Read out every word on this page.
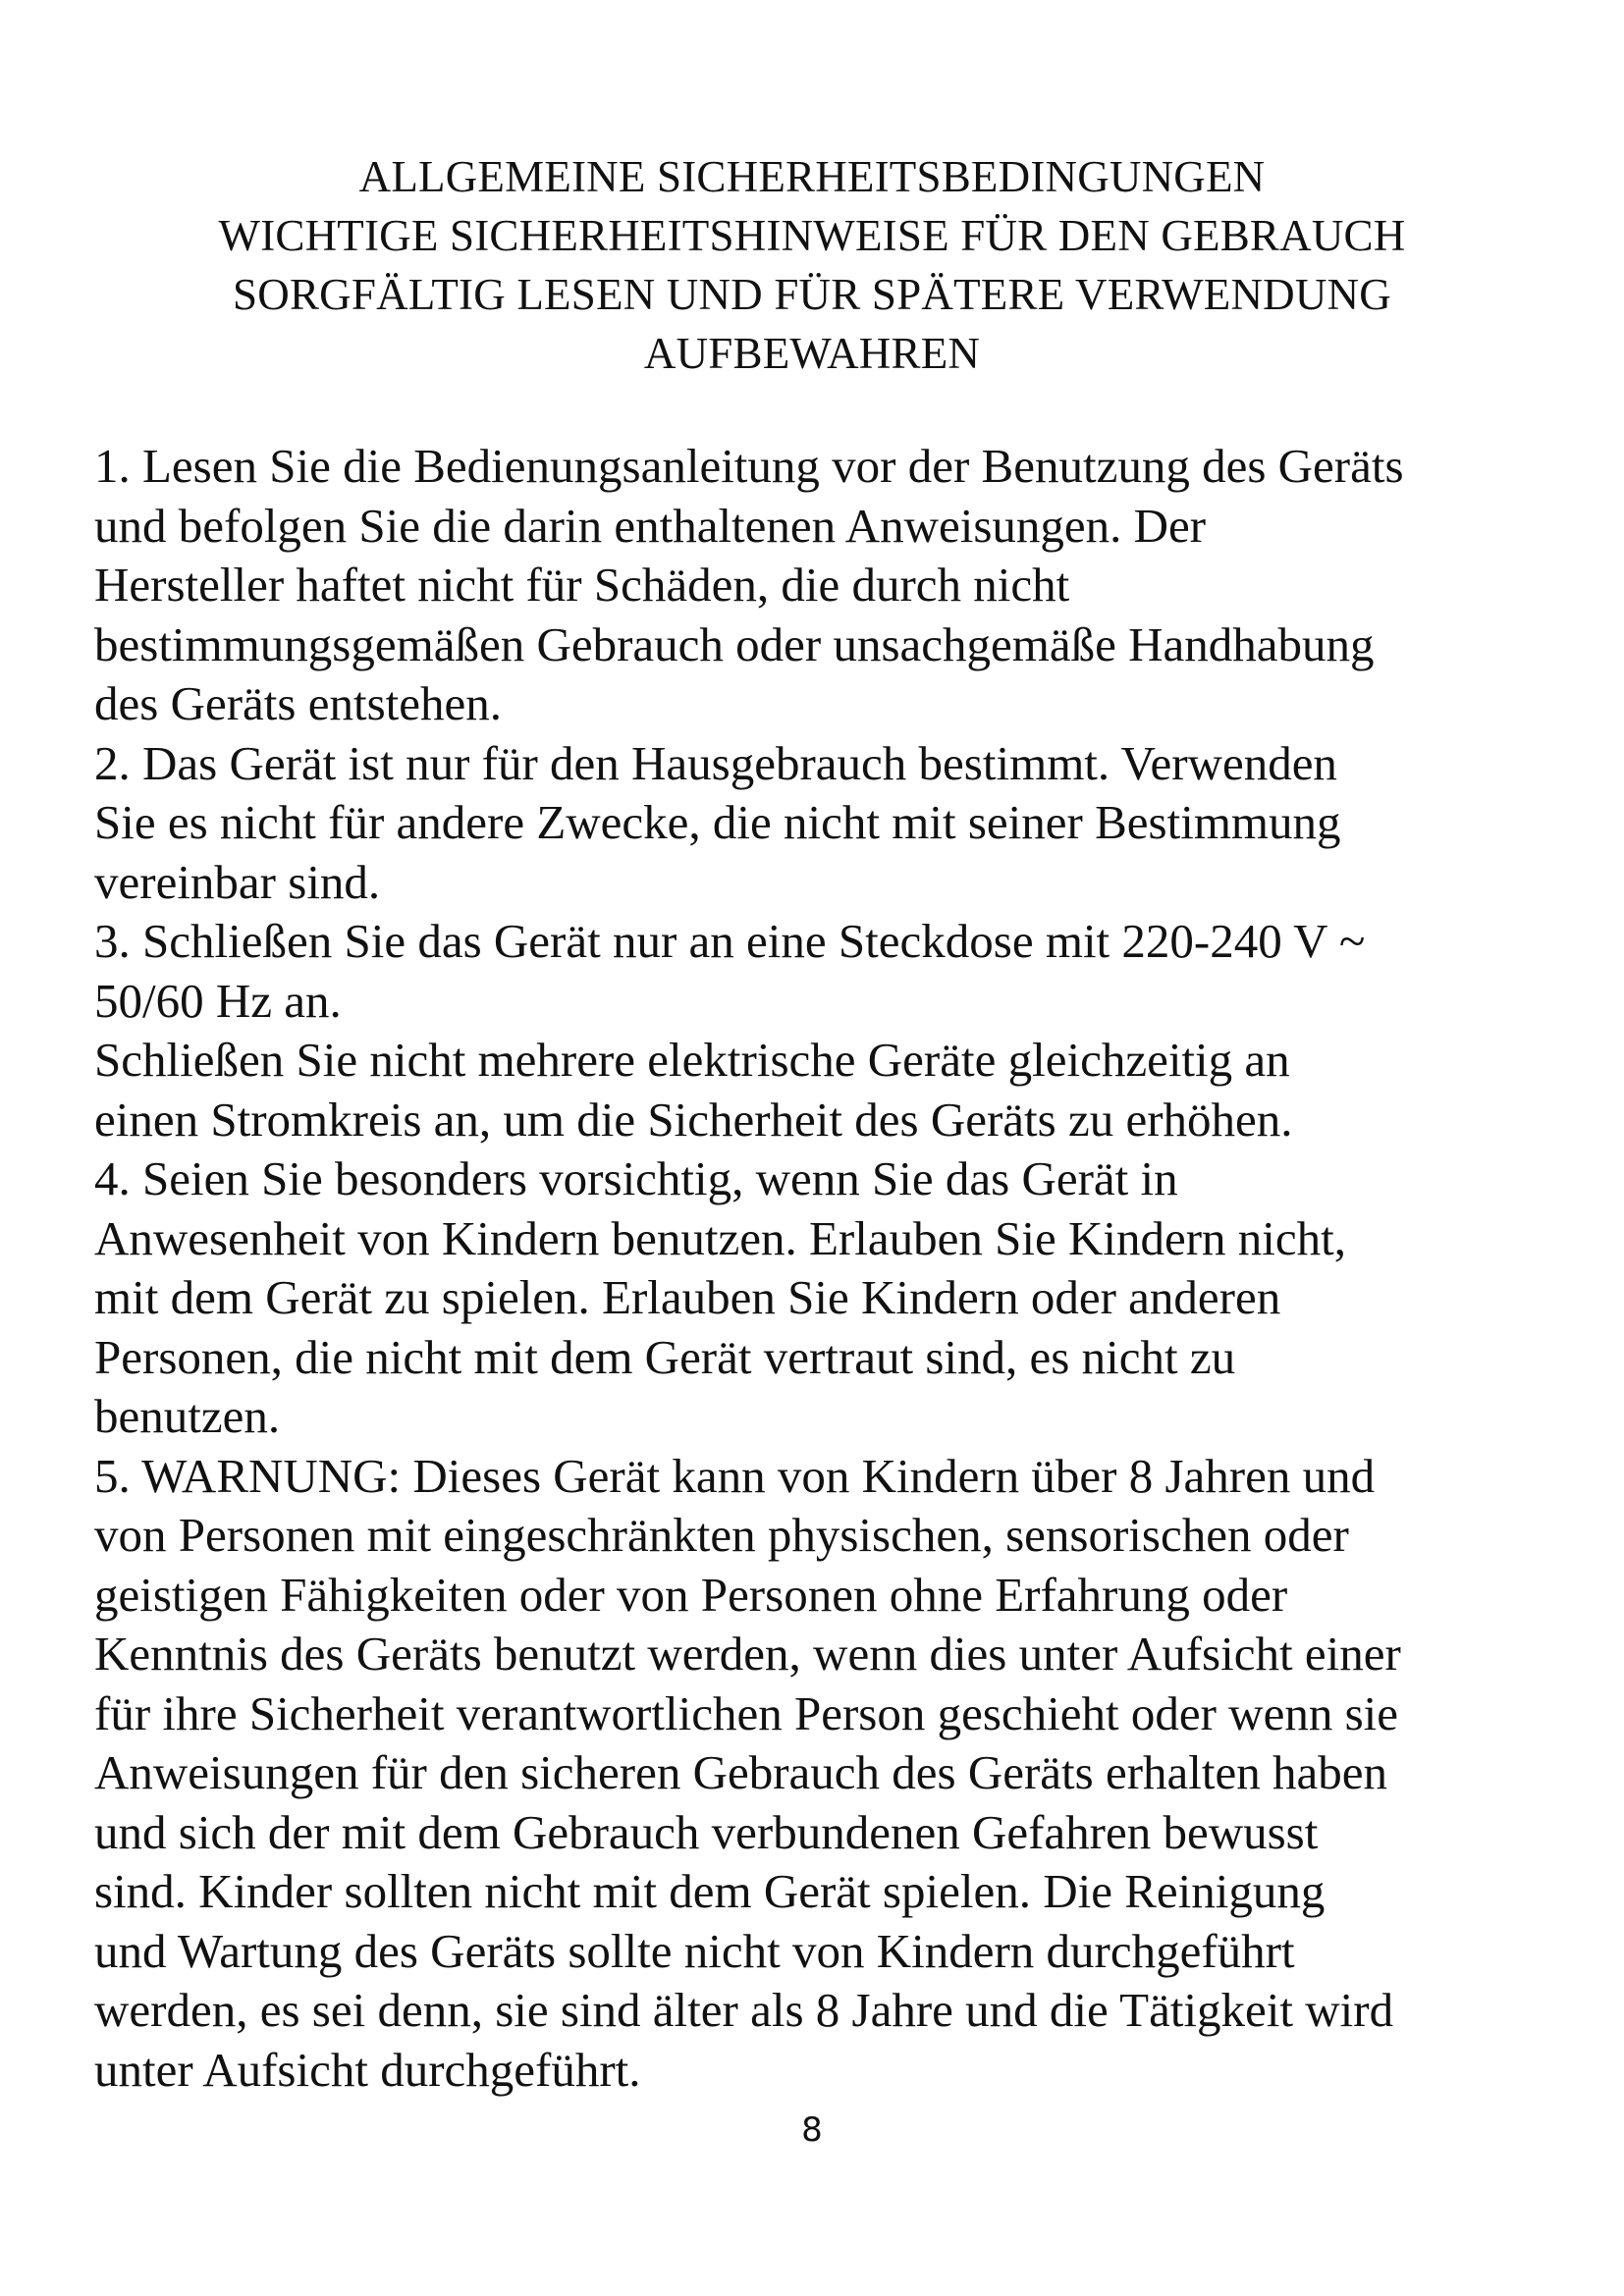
ALLGEMEINE SICHERHEITSBEDINGUNGEN
WICHTIGE SICHERHEITSHINWEISE FÜR DEN GEBRAUCH
SORGFÄLTIG LESEN UND FÜR SPÄTERE VERWENDUNG
AUFBEWAHREN
1. Lesen Sie die Bedienungsanleitung vor der Benutzung des Geräts
und befolgen Sie die darin enthaltenen Anweisungen. Der
Hersteller haftet nicht für Schäden, die durch nicht
bestimmungsgemäßen Gebrauch oder unsachgemäße Handhabung
des Geräts entstehen.
2. Das Gerät ist nur für den Hausgebrauch bestimmt. Verwenden
Sie es nicht für andere Zwecke, die nicht mit seiner Bestimmung
vereinbar sind.
3. Schließen Sie das Gerät nur an eine Steckdose mit 220-240 V ~
50/60 Hz an.
Schließen Sie nicht mehrere elektrische Geräte gleichzeitig an
einen Stromkreis an, um die Sicherheit des Geräts zu erhöhen.
4. Seien Sie besonders vorsichtig, wenn Sie das Gerät in
Anwesenheit von Kindern benutzen. Erlauben Sie Kindern nicht,
mit dem Gerät zu spielen. Erlauben Sie Kindern oder anderen
Personen, die nicht mit dem Gerät vertraut sind, es nicht zu
benutzen.
5. WARNUNG: Dieses Gerät kann von Kindern über 8 Jahren und
von Personen mit eingeschränkten physischen, sensorischen oder
geistigen Fähigkeiten oder von Personen ohne Erfahrung oder
Kenntnis des Geräts benutzt werden, wenn dies unter Aufsicht einer
für ihre Sicherheit verantwortlichen Person geschieht oder wenn sie
Anweisungen für den sicheren Gebrauch des Geräts erhalten haben
und sich der mit dem Gebrauch verbundenen Gefahren bewusst
sind. Kinder sollten nicht mit dem Gerät spielen. Die Reinigung
und Wartung des Geräts sollte nicht von Kindern durchgeführt
werden, es sei denn, sie sind älter als 8 Jahre und die Tätigkeit wird
unter Aufsicht durchgeführt.
8
